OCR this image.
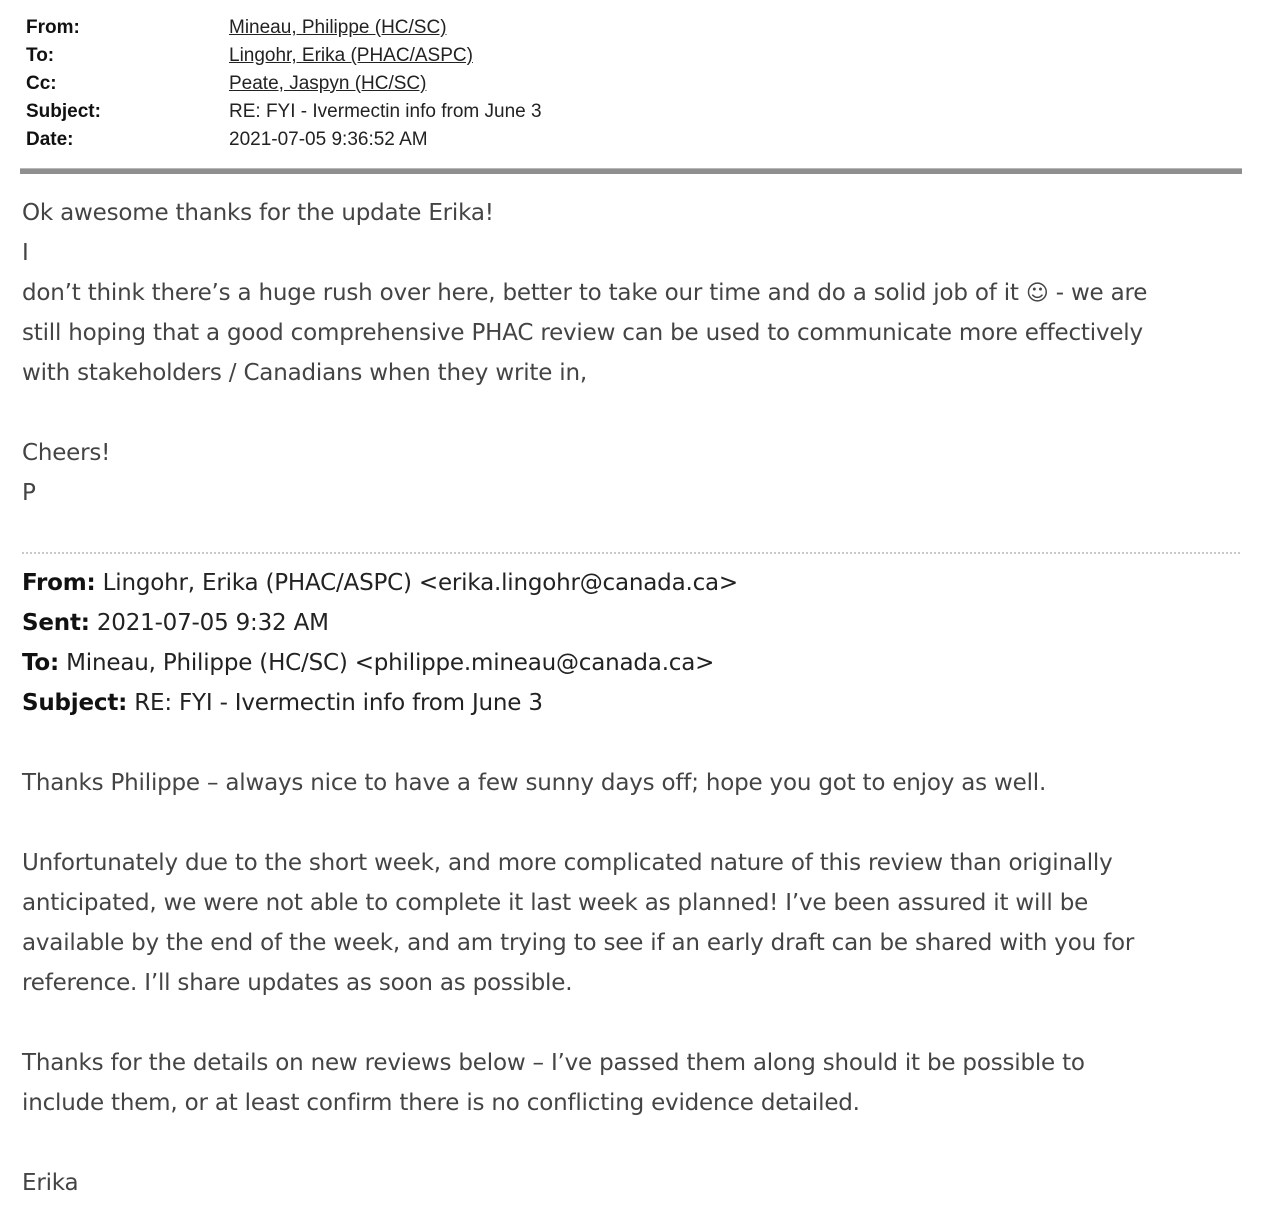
From:	Mineau, Philippe (HC/SC)
To:	Lingohr, Erika (PHAC/ASPC)
Cc:	Peate, Jaspyn (HC/SC)
Subject:	RE: FYI - Ivermectin info from June 3
Date:	2021-07-05 9:36:52 AM
Ok awesome thanks for the update Erika!
I
don’t think there’s a huge rush over here, better to take our time and do a solid job of it ☺ - we are
still hoping that a good comprehensive PHAC review can be used to communicate more effectively
with stakeholders / Canadians when they write in,
Cheers!
P
From: Lingohr, Erika (PHAC/ASPC) <erika.lingohr@canada.ca>
Sent: 2021-07-05 9:32 AM
To: Mineau, Philippe (HC/SC) <philippe.mineau@canada.ca>
Subject: RE: FYI - Ivermectin info from June 3
Thanks Philippe – always nice to have a few sunny days off; hope you got to enjoy as well.
Unfortunately due to the short week, and more complicated nature of this review than originally
anticipated, we were not able to complete it last week as planned! I’ve been assured it will be
available by the end of the week, and am trying to see if an early draft can be shared with you for
reference. I’ll share updates as soon as possible.
Thanks for the details on new reviews below – I’ve passed them along should it be possible to
include them, or at least confirm there is no conflicting evidence detailed.
Erika
